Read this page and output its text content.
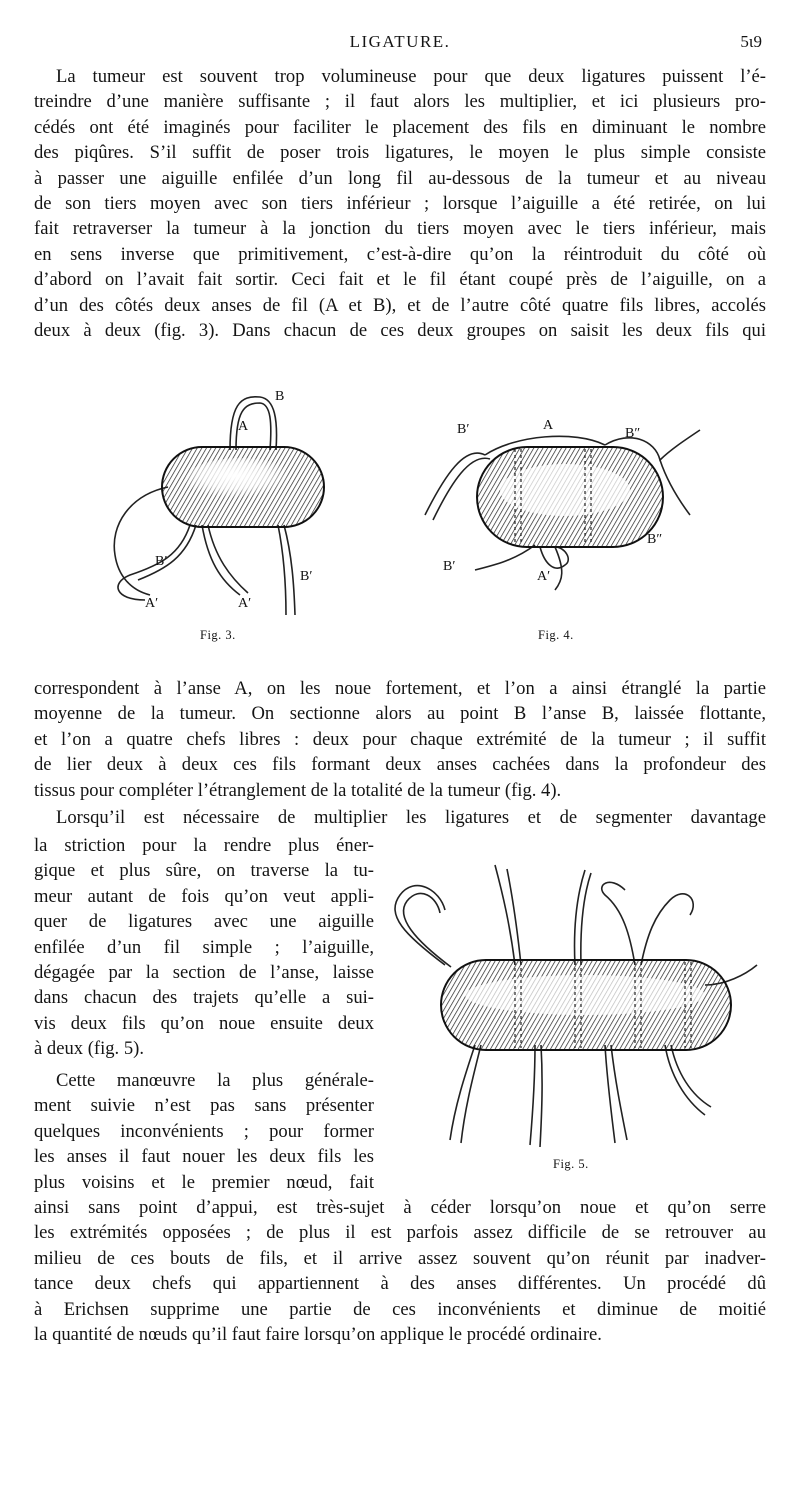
LIGATURE.	5ι9
La tumeur est souvent trop volumineuse pour que deux ligatures puissent l’é-
treindre d’une manière suffisante ; il faut alors les multiplier, et ici plusieurs pro-
cédés ont été imaginés pour faciliter le placement des fils en diminuant le nombre
des piqûres. S’il suffit de poser trois ligatures, le moyen le plus simple consiste
à passer une aiguille enfilée d’un long fil au-dessous de la tumeur et au niveau
de son tiers moyen avec son tiers inférieur ; lorsque l’aiguille a été retirée, on lui
fait retraverser la tumeur à la jonction du tiers moyen avec le tiers inférieur, mais
en sens inverse que primitivement, c’est-à-dire qu’on la réintroduit du côté où
d’abord on l’avait fait sortir. Ceci fait et le fil étant coupé près de l’aiguille, on a
d’un des côtés deux anses de fil (A et B), et de l’autre côté quatre fils libres, accolés
deux à deux (fig. 3). Dans chacun de ces deux groupes on saisit les deux fils qui
B
A
B′
A′	A′
B′
Fig. 3.
B′	A
B″
B″
B′
A′
Fig. 4.
correspondent à l’anse A, on les noue fortement, et l’on a ainsi étranglé la partie
moyenne de la tumeur. On sectionne alors au point B l’anse B, laissée flottante,
et l’on a quatre chefs libres : deux pour chaque extrémité de la tumeur ; il suffit
de lier deux à deux ces fils formant deux anses cachées dans la profondeur des
tissus pour compléter l’étranglement de la totalité de la tumeur (fig. 4).
Lorsqu’il est nécessaire de multiplier les ligatures et de segmenter davantage
la striction pour la rendre plus éner-
gique et plus sûre, on traverse la tu-
meur autant de fois qu’on veut appli-
quer de ligatures avec une aiguille
enfilée d’un fil simple ; l’aiguille,
dégagée par la section de l’anse, laisse
dans chacun des trajets qu’elle a sui-
vis deux fils qu’on noue ensuite deux
à deux (fig. 5).
Cette manœuvre la plus générale-
ment suivie n’est pas sans présenter
quelques inconvénients ; pour former
les anses il faut nouer les deux fils les
plus voisins et le premier nœud, fait
Fig. 5.
ainsi sans point d’appui, est très-sujet à céder lorsqu’on noue et qu’on serre
les extrémités opposées ; de plus il est parfois assez difficile de se retrouver au
milieu de ces bouts de fils, et il arrive assez souvent qu’on réunit par inadver-
tance deux chefs qui appartiennent à des anses différentes. Un procédé dû
à Erichsen supprime une partie de ces inconvénients et diminue de moitié
la quantité de nœuds qu’il faut faire lorsqu’on applique le procédé ordinaire.
